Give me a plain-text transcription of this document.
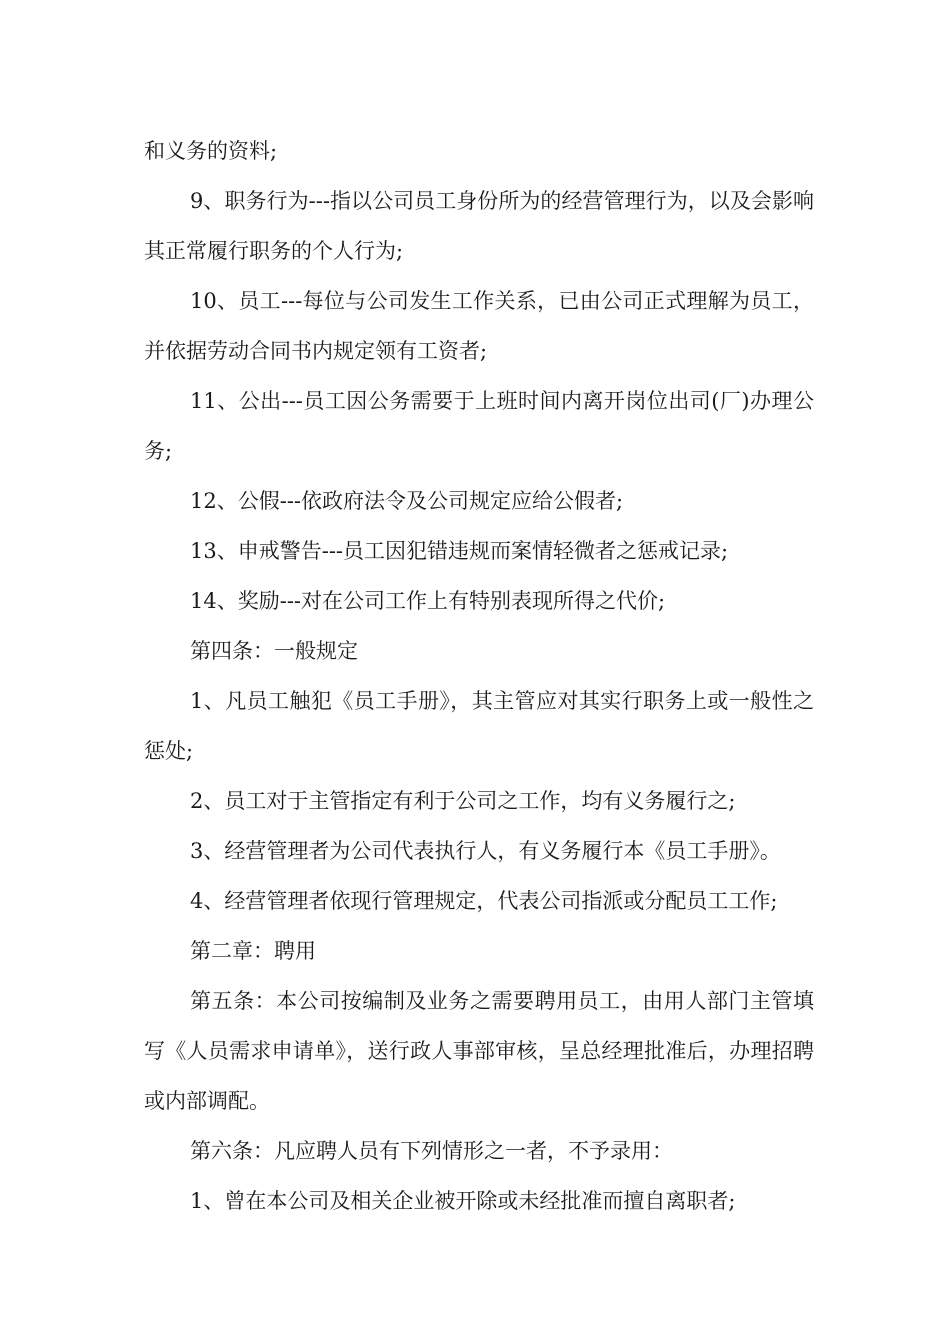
和义务的资料;

9、职务行为---指以公司员工身份所为的经营管理行为，以及会影响其正常履行职务的个人行为;

10、员工---每位与公司发生工作关系，已由公司正式理解为员工，并依据劳动合同书内规定领有工资者;

11、公出---员工因公务需要于上班时间内离开岗位出司(厂)办理公务;

12、公假---依政府法令及公司规定应给公假者;

13、申戒警告---员工因犯错违规而案情轻微者之惩戒记录;

14、奖励---对在公司工作上有特别表现所得之代价;

第四条：一般规定

1、凡员工触犯《员工手册》，其主管应对其实行职务上或一般性之惩处;

2、员工对于主管指定有利于公司之工作，均有义务履行之;

3、经营管理者为公司代表执行人，有义务履行本《员工手册》。

4、经营管理者依现行管理规定，代表公司指派或分配员工工作;

第二章：聘用

第五条：本公司按编制及业务之需要聘用员工，由用人部门主管填写《人员需求申请单》，送行政人事部审核，呈总经理批准后，办理招聘或内部调配。

第六条：凡应聘人员有下列情形之一者，不予录用：

1、曾在本公司及相关企业被开除或未经批准而擅自离职者;
